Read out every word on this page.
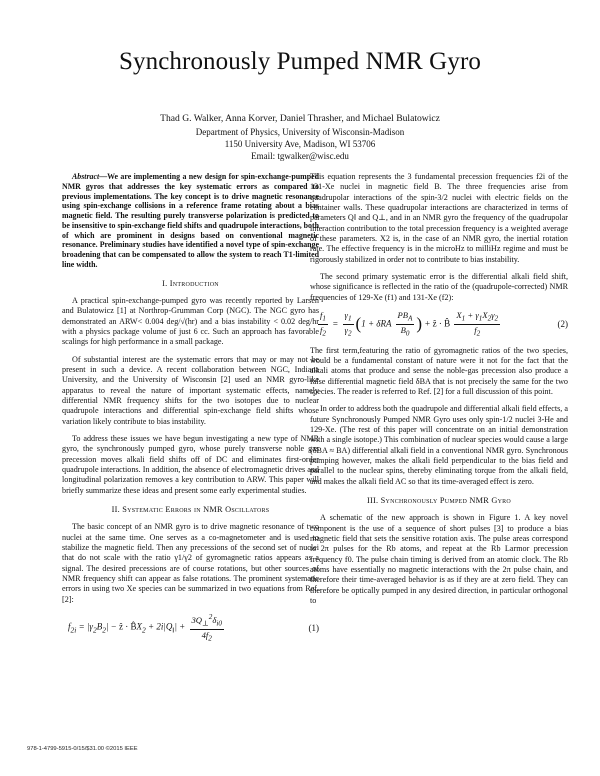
Synchronously Pumped NMR Gyro
Thad G. Walker, Anna Korver, Daniel Thrasher, and Michael Bulatowicz
Department of Physics, University of Wisconsin-Madison
1150 University Ave, Madison, WI 53706
Email: tgwalker@wisc.edu

Abstract—We are implementing a new design for spin-exchange-pumped NMR gyros that addresses the key systematic errors as compared to previous implementations. The key concept is to drive magnetic resonance using spin-exchange collisions in a reference frame rotating about a bias magnetic field. The resulting purely transverse polarization is predicted to be insensitive to spin-exchange field shifts and quadrupole interactions, both of which are prominent in designs based on conventional magnetic resonance. Preliminary studies have identified a novel type of spin-exchange broadening that can be compensated to allow the system to reach T1-limited line width.

I. Introduction

A practical spin-exchange-pumped gyro was recently reported by Larsen and Bulatowicz [1] at Northrop-Grumman Corp (NGC). The NGC gyro has demonstrated an ARW< 0.004 deg/√(hr) and a bias instability < 0.02 deg/hr with a physics package volume of just 6 cc. Such an approach has favorable scalings for high performance in a small package.

Of substantial interest are the systematic errors that may or may not be present in such a device. A recent collaboration between NGC, Indiana University, and the University of Wisconsin [2] used an NMR gyro-like apparatus to reveal the nature of important systematic effects, namely differential NMR frequency shifts for the two isotopes due to nuclear quadrupole interactions and differential spin-exchange field shifts whose variation likely contribute to bias instability.

To address these issues we have begun investigating a new type of NMR gyro, the synchronously pumped gyro, whose purely transverse noble gas precession moves alkali field shifts off of DC and eliminates first-order quadrupole interactions. In addition, the absence of electromagnetic drives and longitudinal polarization removes a key contribution to ARW. This paper will briefly summarize these ideas and present some early experimental studies.

II. Systematic Errors in NMR Oscillators

The basic concept of an NMR gyro is to drive magnetic resonance of two nuclei at the same time. One serves as a co-magnetometer and is used to stabilize the magnetic field. Then any precessions of the second set of nuclei that do not scale with the ratio γ1/γ2 of gyromagnetic ratios appears as a signal. The desired precessions are of course rotations, but other sources of NMR frequency shift can appear as false rotations. The prominent systematic errors in using two Xe species can be summarized in two equations from Ref. [2]:

$f_{2i} = |\gamma_2B_2|$ − ẑ · $B̂X_2 + 2i|Q_‖| + \frac{3Q_\perp^2\delta_{i0}}{4f_2}$	(1)

This equation represents the 3 fundamental precession frequencies f2i of the 131-Xe nuclei in magnetic field B. The three frequencies arise from quadrupolar interactions of the spin-3/2 nuclei with electric fields on the container walls. These quadrupolar interactions are characterized in terms of parameters Q‖ and Q⊥, and in an NMR gyro the frequency of the quadrupolar interaction contribution to the total precession frequency is a weighted average of these parameters. X2 is, in the case of an NMR gyro, the inertial rotation rate. The effective frequency is in the microHz to milliHz regime and must be rigorously stabilized in order not to contribute to bias instability.

The second primary systematic error is the differential alkali field shift, whose significance is reflected in the ratio of the (quadrupole-corrected) NMR frequencies of 129-Xe (f1) and 131-Xe (f2):

$\frac{f_1}{f_2} = \frac{\gamma_1}{\gamma_2} (1 + \delta RA \frac{PB_A}{B_0}$ ) + ẑ · B̂ $\frac{X_1 + \gamma_1X_2\gamma_2}{f_2}$	(2)

The first term,featuring the ratio of gyromagnetic ratios of the two species, would be a fundamental constant of nature were it not for the fact that the alkali atoms that produce and sense the noble-gas precession also produce a false differential magnetic field δBA that is not precisely the same for the two species. The reader is referred to Ref. [2] for a full discussion of this point.

In order to address both the quadrupole and differential alkali field effects, a future Synchronously Pumped NMR Gyro uses only spin-1/2 nuclei 3-He and 129-Xe. (The rest of this paper will concentrate on an initial demonstration with a single isotope.) This combination of nuclear species would cause a large (δBA ≈ BA) differential alkali field in a conventional NMR gyro. Synchronous pumping however, makes the alkali field perpendicular to the bias field and parallel to the nuclear spins, thereby eliminating torque from the alkali field, and makes the alkali field AC so that its time-averaged effect is zero.

III. Synchronously Pumped NMR Gyro

A schematic of the new approach is shown in Figure 1. A key novel component is the use of a sequence of short pulses [3] to produce a bias magnetic field that sets the sensitive rotation axis. The pulse areas correspond to 2π pulses for the Rb atoms, and repeat at the Rb Larmor precession frequency f0. The pulse chain timing is derived from an atomic clock. The Rb atoms have essentially no magnetic interactions with the 2π pulse chain, and therefore their time-averaged behavior is as if they are at zero field. They can therefore be optically pumped in any desired direction, in particular orthogonal to

978-1-4799-5915-0/15/$31.00 ©2015 IEEE
